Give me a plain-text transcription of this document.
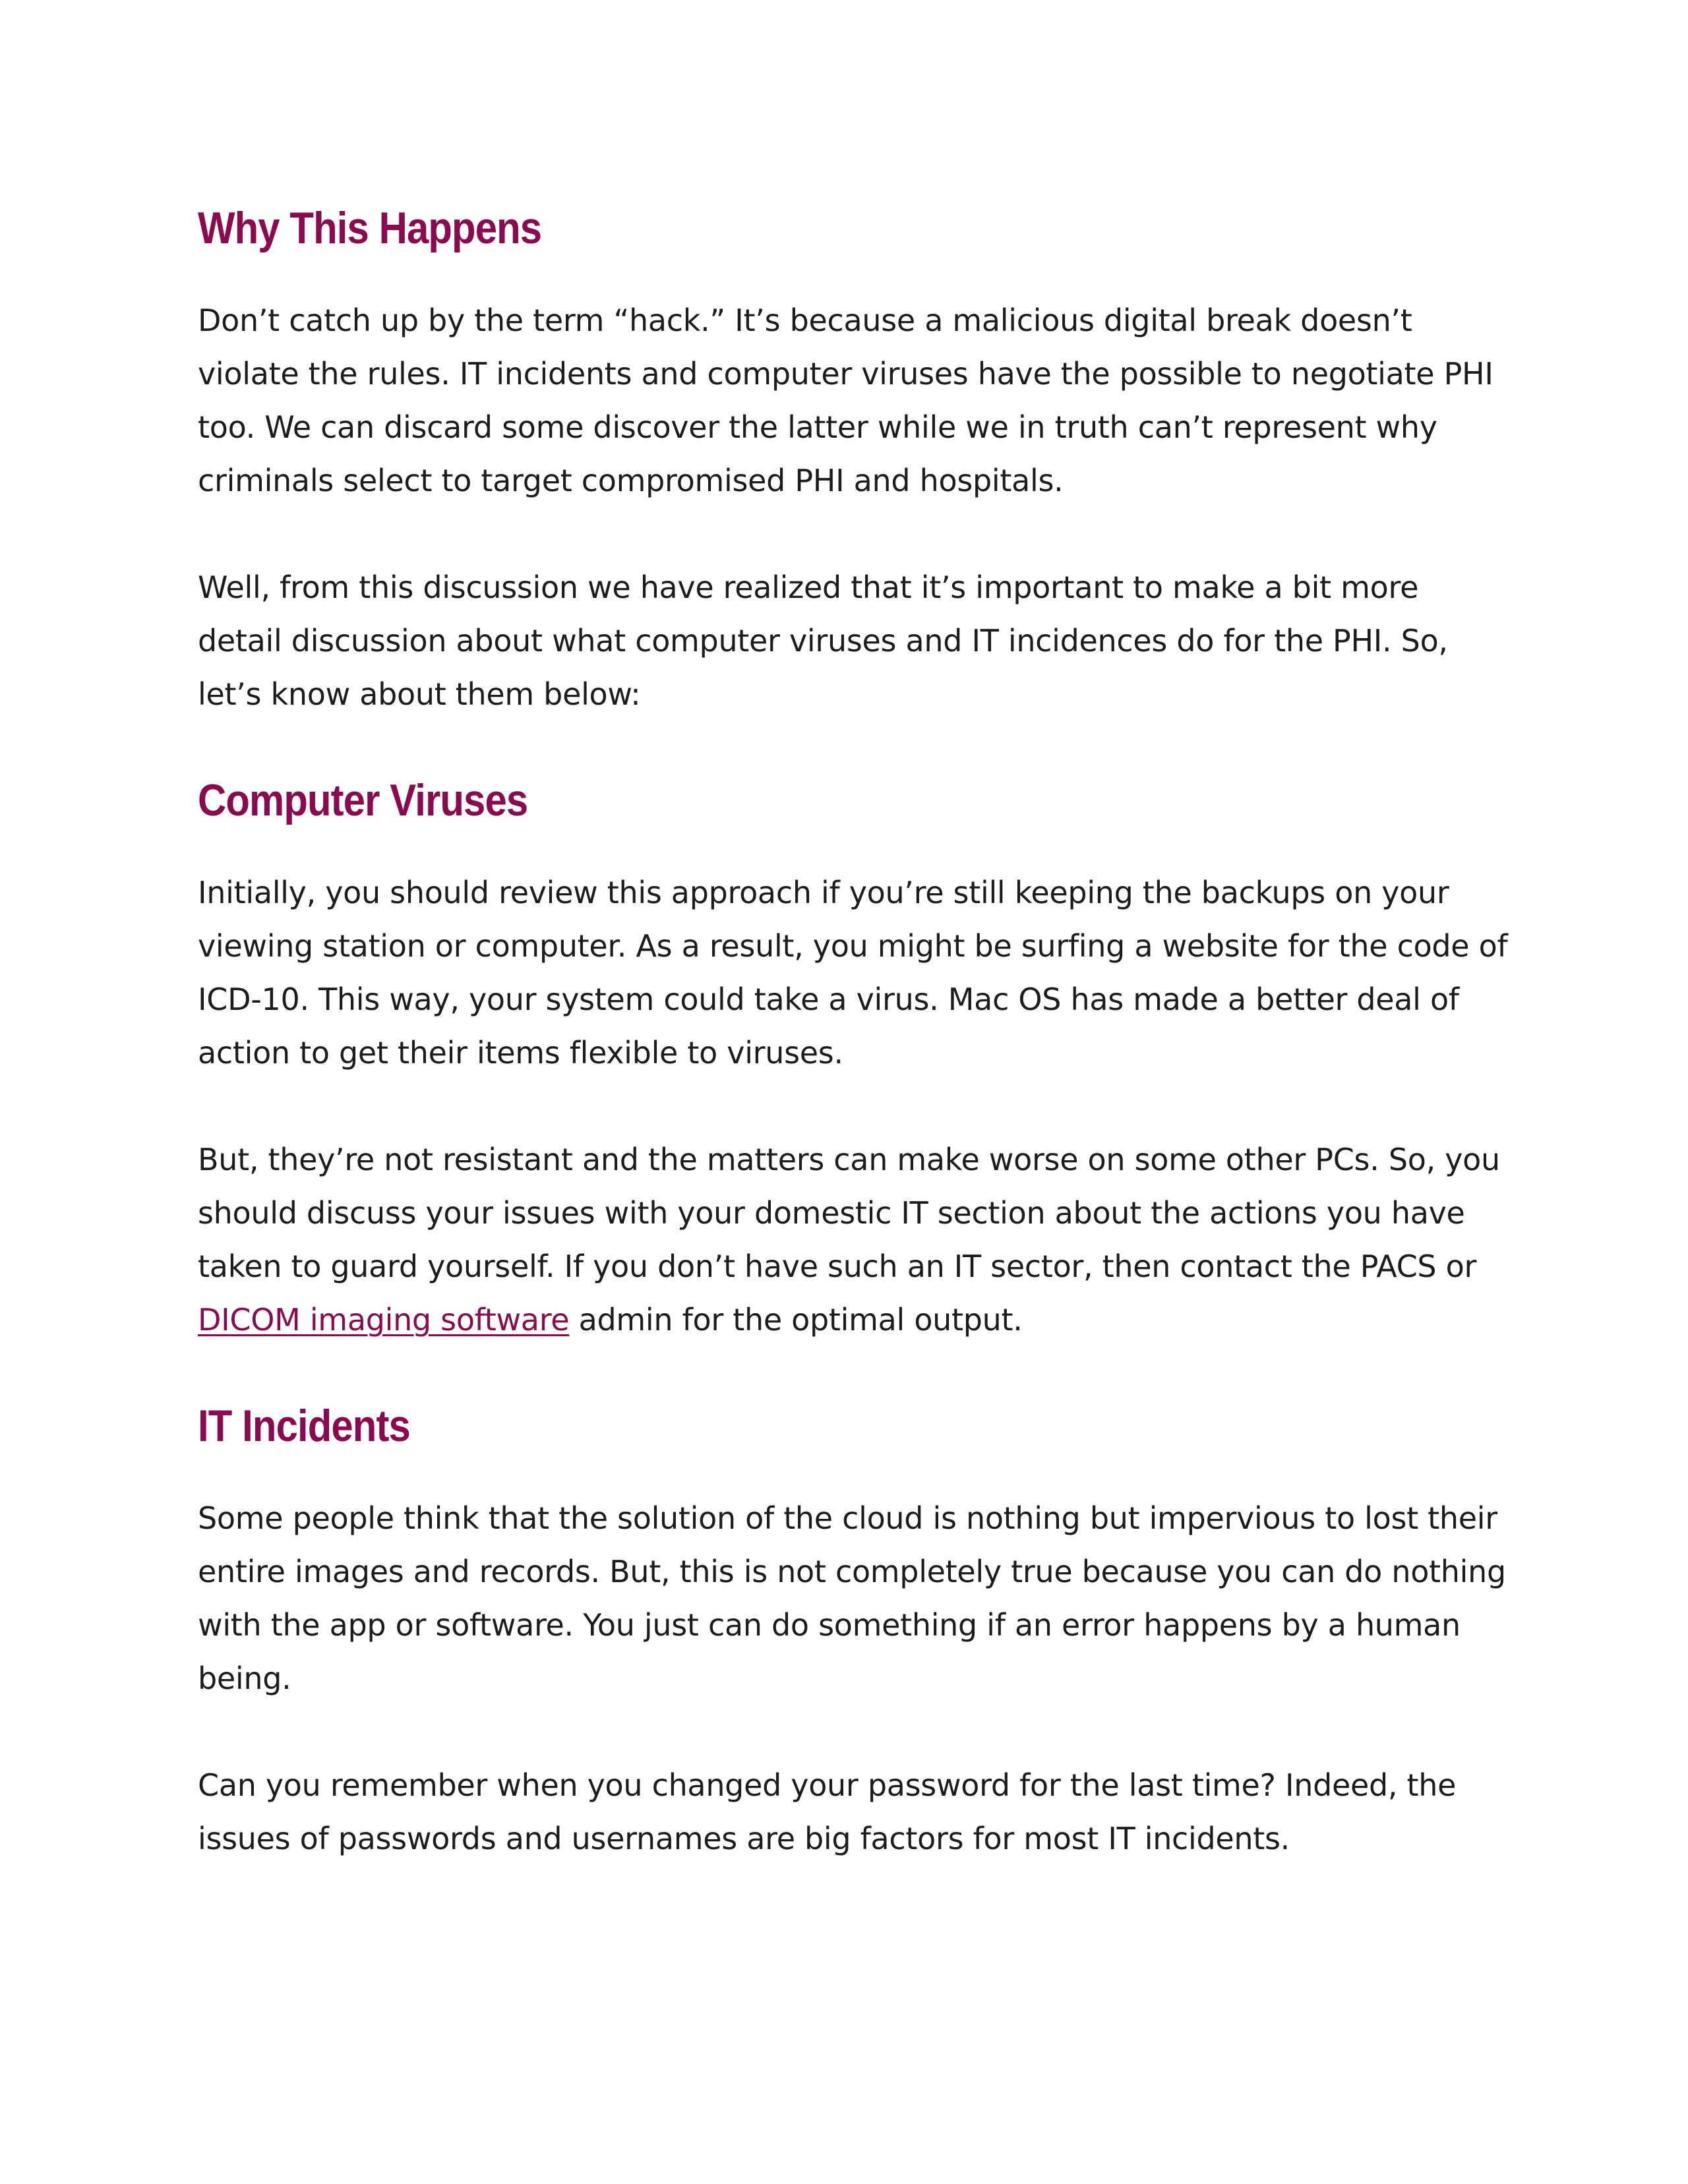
Why This Happens

Don’t catch up by the term “hack.” It’s because a malicious digital break doesn’t violate the rules. IT incidents and computer viruses have the possible to negotiate PHI too. We can discard some discover the latter while we in truth can’t represent why criminals select to target compromised PHI and hospitals.

Well, from this discussion we have realized that it’s important to make a bit more detail discussion about what computer viruses and IT incidences do for the PHI. So, let’s know about them below:

Computer Viruses

Initially, you should review this approach if you’re still keeping the backups on your viewing station or computer. As a result, you might be surfing a website for the code of ICD-10. This way, your system could take a virus. Mac OS has made a better deal of action to get their items flexible to viruses.

But, they’re not resistant and the matters can make worse on some other PCs. So, you should discuss your issues with your domestic IT section about the actions you have taken to guard yourself. If you don’t have such an IT sector, then contact the PACS or DICOM imaging software admin for the optimal output.

IT Incidents

Some people think that the solution of the cloud is nothing but impervious to lost their entire images and records. But, this is not completely true because you can do nothing with the app or software. You just can do something if an error happens by a human being.

Can you remember when you changed your password for the last time? Indeed, the issues of passwords and usernames are big factors for most IT incidents.
